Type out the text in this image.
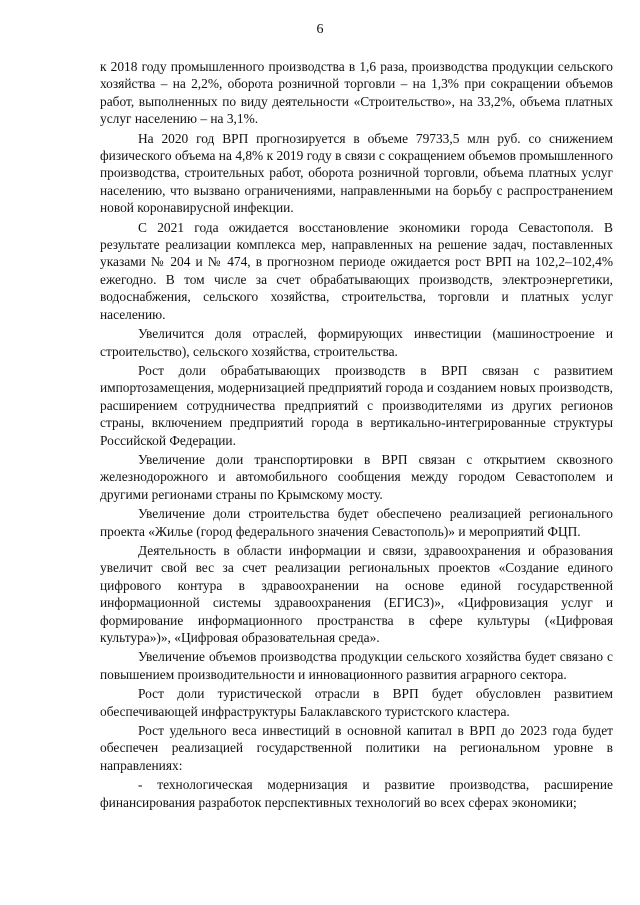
6

к 2018 году промышленного производства в 1,6 раза, производства продукции сельского хозяйства – на 2,2%, оборота розничной торговли – на 1,3% при сокращении объемов работ, выполненных по виду деятельности «Строительство», на 33,2%, объема платных услуг населению – на 3,1%.

На 2020 год ВРП прогнозируется в объеме 79733,5 млн руб. со снижением физического объема на 4,8% к 2019 году в связи с сокращением объемов промышленного производства, строительных работ, оборота розничной торговли, объема платных услуг населению, что вызвано ограничениями, направленными на борьбу с распространением новой коронавирусной инфекции.

С 2021 года ожидается восстановление экономики города Севастополя. В результате реализации комплекса мер, направленных на решение задач, поставленных указами № 204 и № 474, в прогнозном периоде ожидается рост ВРП на 102,2–102,4% ежегодно. В том числе за счет обрабатывающих производств, электроэнергетики, водоснабжения, сельского хозяйства, строительства, торговли и платных услуг населению.

Увеличится доля отраслей, формирующих инвестиции (машиностроение и строительство), сельского хозяйства, строительства.

Рост доли обрабатывающих производств в ВРП связан с развитием импортозамещения, модернизацией предприятий города и созданием новых производств, расширением сотрудничества предприятий с производителями из других регионов страны, включением предприятий города в вертикально-интегрированные структуры Российской Федерации.

Увеличение доли транспортировки в ВРП связан с открытием сквозного железнодорожного и автомобильного сообщения между городом Севастополем и другими регионами страны по Крымскому мосту.

Увеличение доли строительства будет обеспечено реализацией регионального проекта «Жилье (город федерального значения Севастополь)» и мероприятий ФЦП.

Деятельность в области информации и связи, здравоохранения и образования увеличит свой вес за счет реализации региональных проектов «Создание единого цифрового контура в здравоохранении на основе единой государственной информационной системы здравоохранения (ЕГИСЗ)», «Цифровизация услуг и формирование информационного пространства в сфере культуры («Цифровая культура»)», «Цифровая образовательная среда».

Увеличение объемов производства продукции сельского хозяйства будет связано с повышением производительности и инновационного развития аграрного сектора.

Рост доли туристической отрасли в ВРП будет обусловлен развитием обеспечивающей инфраструктуры Балаклавского туристского кластера.

Рост удельного веса инвестиций в основной капитал в ВРП до 2023 года будет обеспечен реализацией государственной политики на региональном уровне в направлениях:

- технологическая модернизация и развитие производства, расширение финансирования разработок перспективных технологий во всех сферах экономики;
